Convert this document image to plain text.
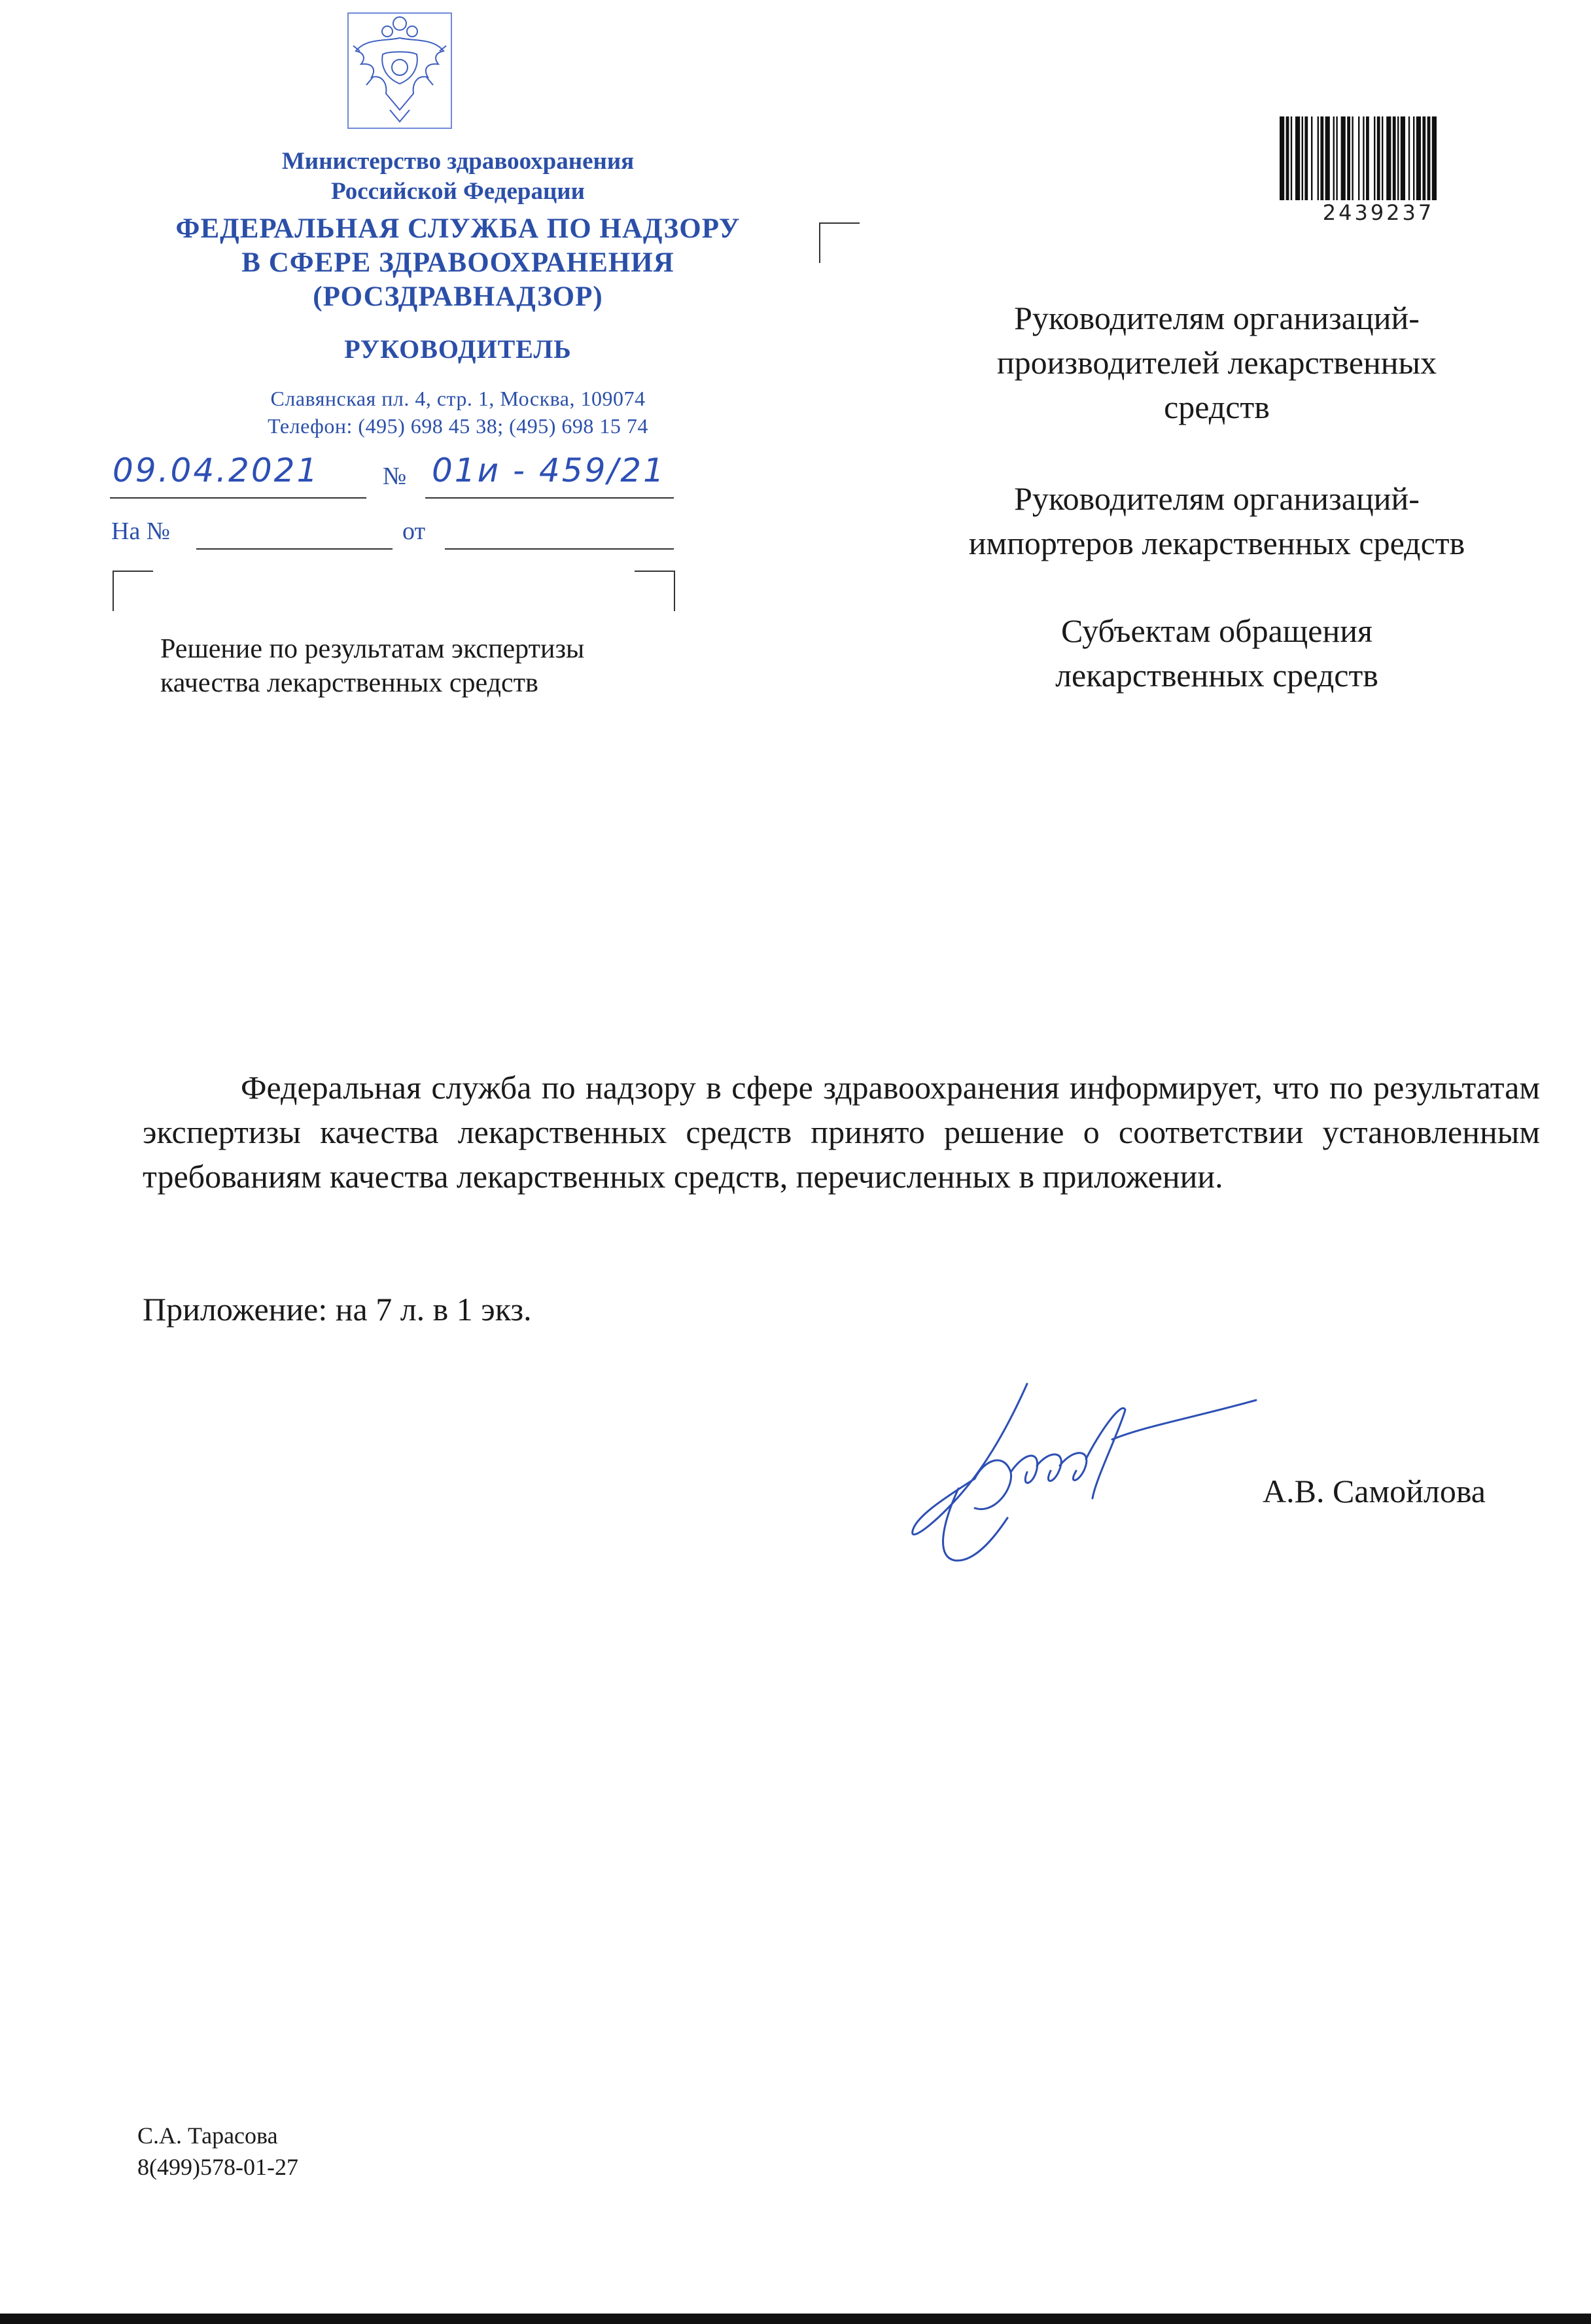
Министерство здравоохранения
Российской Федерации
ФЕДЕРАЛЬНАЯ СЛУЖБА ПО НАДЗОРУ
В СФЕРЕ ЗДРАВООХРАНЕНИЯ
(РОСЗДРАВНАДЗОР)
РУКОВОДИТЕЛЬ
Славянская пл. 4, стр. 1, Москва, 109074
Телефон: (495) 698 45 38; (495) 698 15 74
09.04.2021	№ 01и - 459/21
На №	от
Решение по результатам экспертизы
качества лекарственных средств
2439237
Руководителям организаций-
производителей лекарственных
средств
Руководителям организаций-
импортеров лекарственных средств
Субъектам обращения
лекарственных средств
Федеральная служба по надзору в сфере здравоохранения информирует, что по результатам экспертизы качества лекарственных средств принято решение о соответствии установленным требованиям качества лекарственных средств, перечисленных в приложении.
Приложение: на 7 л. в 1 экз.
А.В. Самойлова
С.А. Тарасова
8(499)578-01-27
